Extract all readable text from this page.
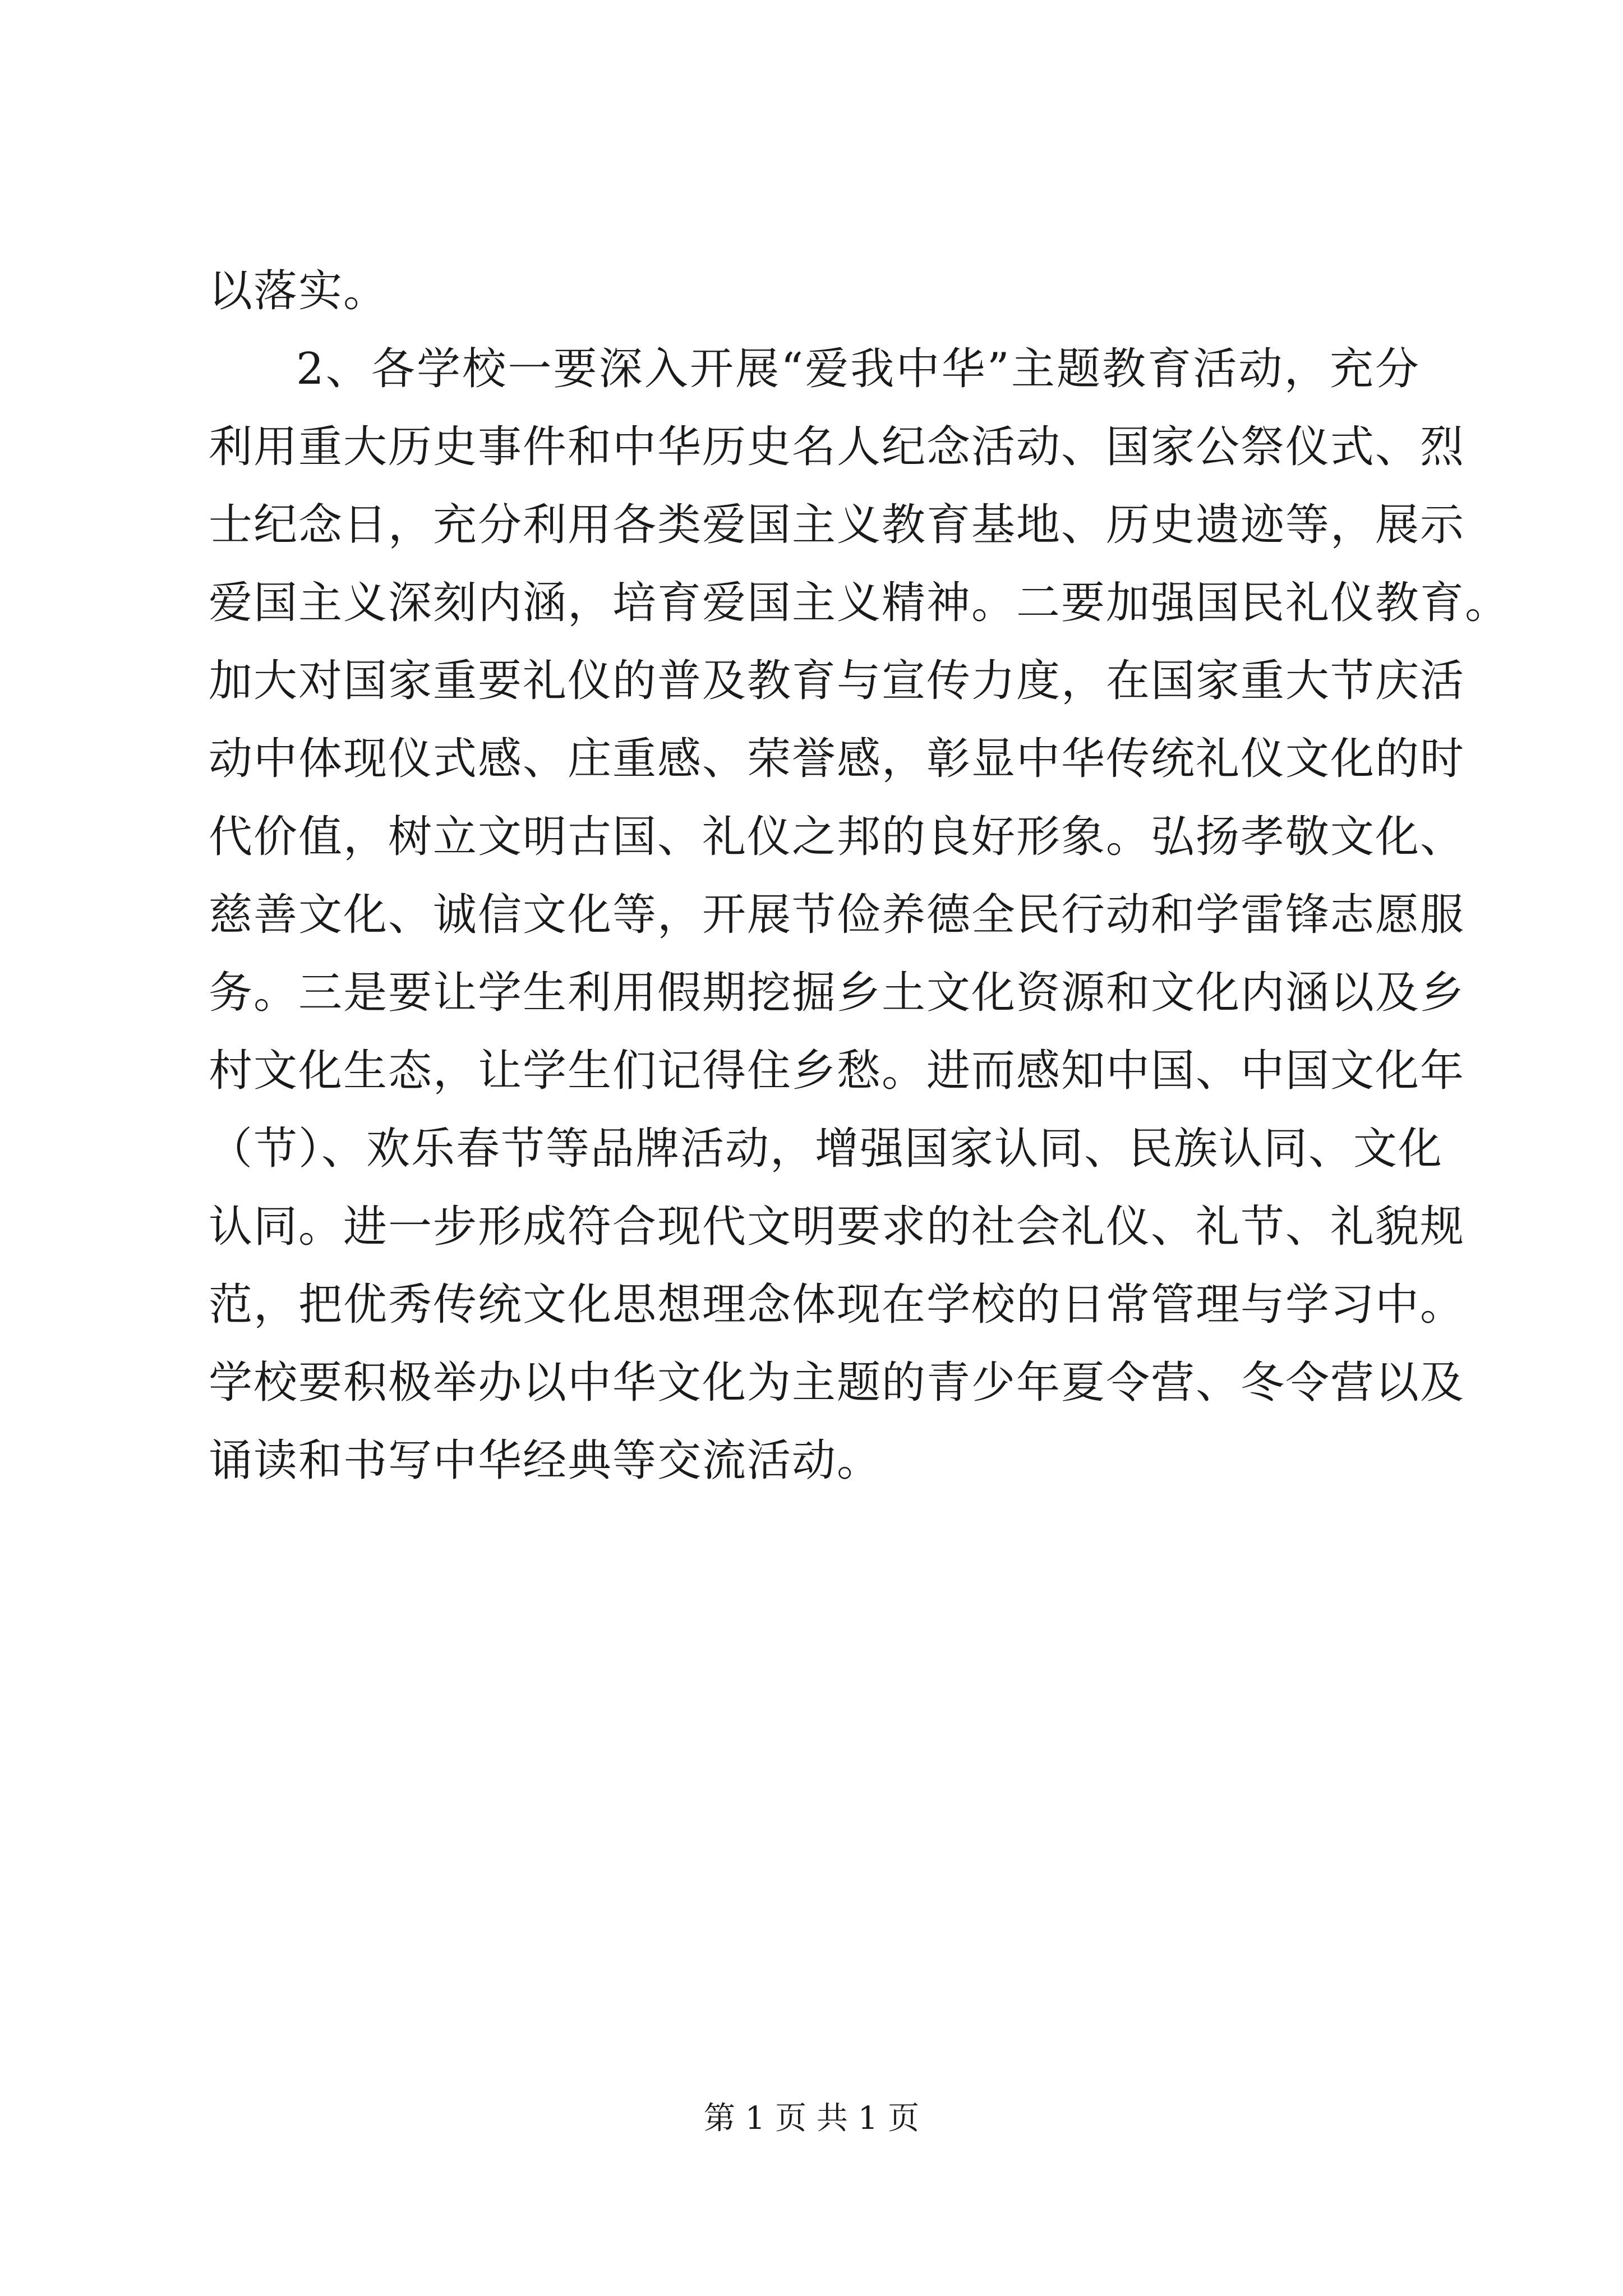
以落实。
2、各学校一要深入开展“爱我中华”主题教育活动，充分
利用重大历史事件和中华历史名人纪念活动、国家公祭仪式、烈
士纪念日，充分利用各类爱国主义教育基地、历史遗迹等，展示
爱国主义深刻内涵，培育爱国主义精神。二要加强国民礼仪教育。
加大对国家重要礼仪的普及教育与宣传力度，在国家重大节庆活
动中体现仪式感、庄重感、荣誉感，彰显中华传统礼仪文化的时
代价值，树立文明古国、礼仪之邦的良好形象。弘扬孝敬文化、
慈善文化、诚信文化等，开展节俭养德全民行动和学雷锋志愿服
务。三是要让学生利用假期挖掘乡土文化资源和文化内涵以及乡
村文化生态，让学生们记得住乡愁。进而感知中国、中国文化年
（节）、欢乐春节等品牌活动，增强国家认同、民族认同、文化
认同。进一步形成符合现代文明要求的社会礼仪、礼节、礼貌规
范，把优秀传统文化思想理念体现在学校的日常管理与学习中。
学校要积极举办以中华文化为主题的青少年夏令营、冬令营以及
诵读和书写中华经典等交流活动。
第 1 页 共 1 页
